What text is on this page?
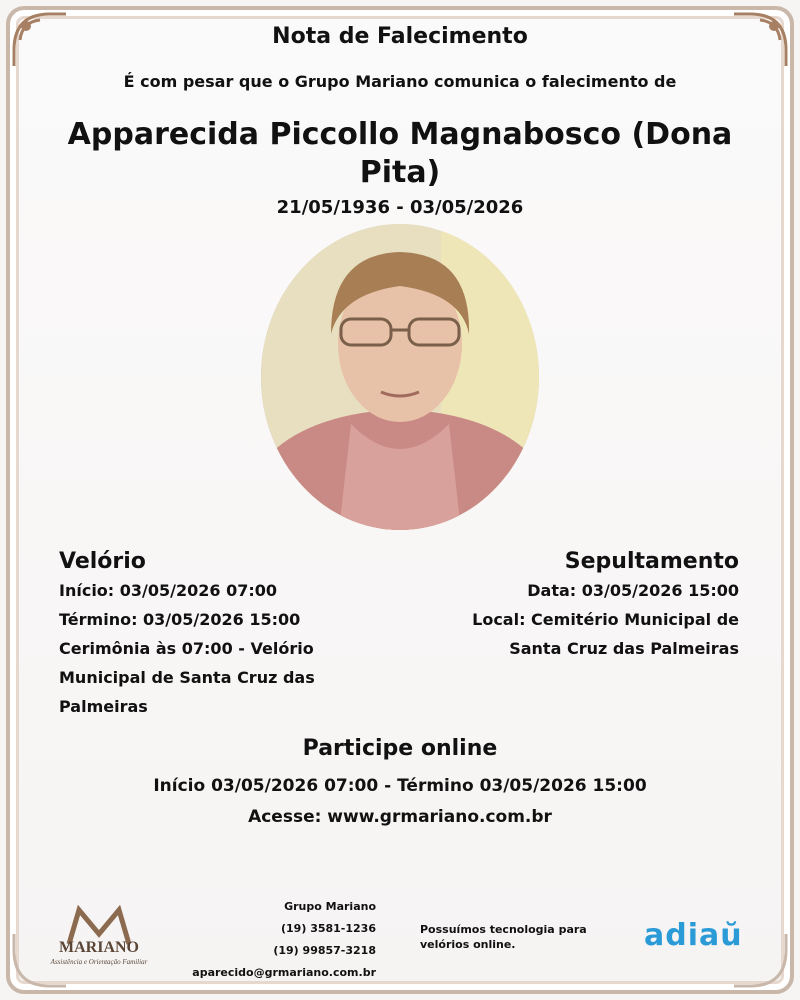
Nota de Falecimento
É com pesar que o Grupo Mariano comunica o falecimento de
Apparecida Piccollo Magnabosco (Dona Pita)
21/05/1936 - 03/05/2026
Velório
Início: 03/05/2026 07:00
Término: 03/05/2026 15:00
Cerimônia às 07:00 - Velório Municipal de Santa Cruz das Palmeiras
Sepultamento
Data: 03/05/2026 15:00
Local: Cemitério Municipal de Santa Cruz das Palmeiras
Participe online
Início 03/05/2026 07:00 - Término 03/05/2026 15:00
Acesse: www.grmariano.com.br
MARIANO
Assistência e Orientação Familiar
Grupo Mariano
(19) 3581-1236
(19) 99857-3218
aparecido@grmariano.com.br
Possuímos tecnologia para velórios online.	adiaŭ
